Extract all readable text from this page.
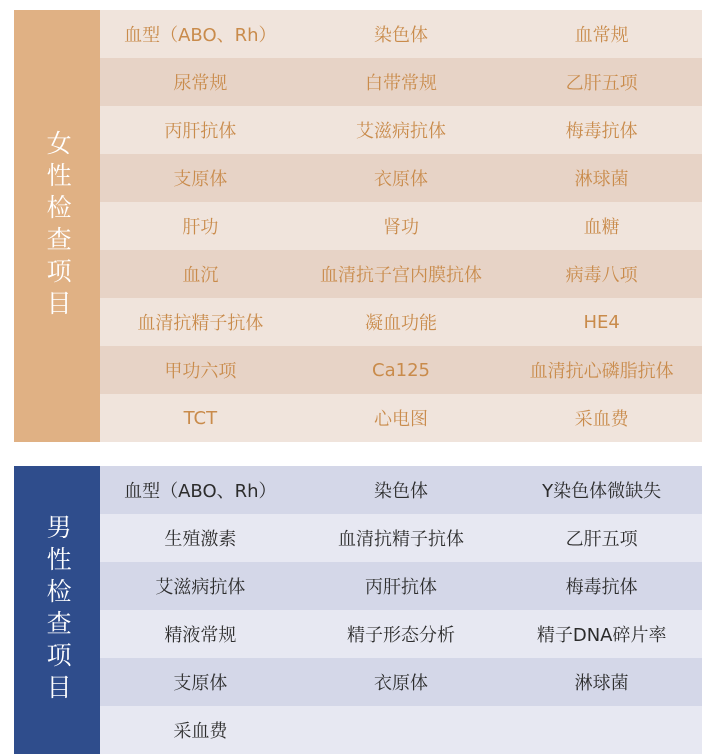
女性检查项目
血型（ABO、Rh）	染色体	血常规
尿常规	白带常规	乙肝五项
丙肝抗体	艾滋病抗体	梅毒抗体
支原体	衣原体	淋球菌
肝功	肾功	血糖
血沉	血清抗子宫内膜抗体	病毒八项
血清抗精子抗体	凝血功能	HE4
甲功六项	Ca125	血清抗心磷脂抗体
TCT	心电图	采血费
男性检查项目
血型（ABO、Rh）	染色体	Y染色体微缺失
生殖激素	血清抗精子抗体	乙肝五项
艾滋病抗体	丙肝抗体	梅毒抗体
精液常规	精子形态分析	精子DNA碎片率
支原体	衣原体	淋球菌
采血费
